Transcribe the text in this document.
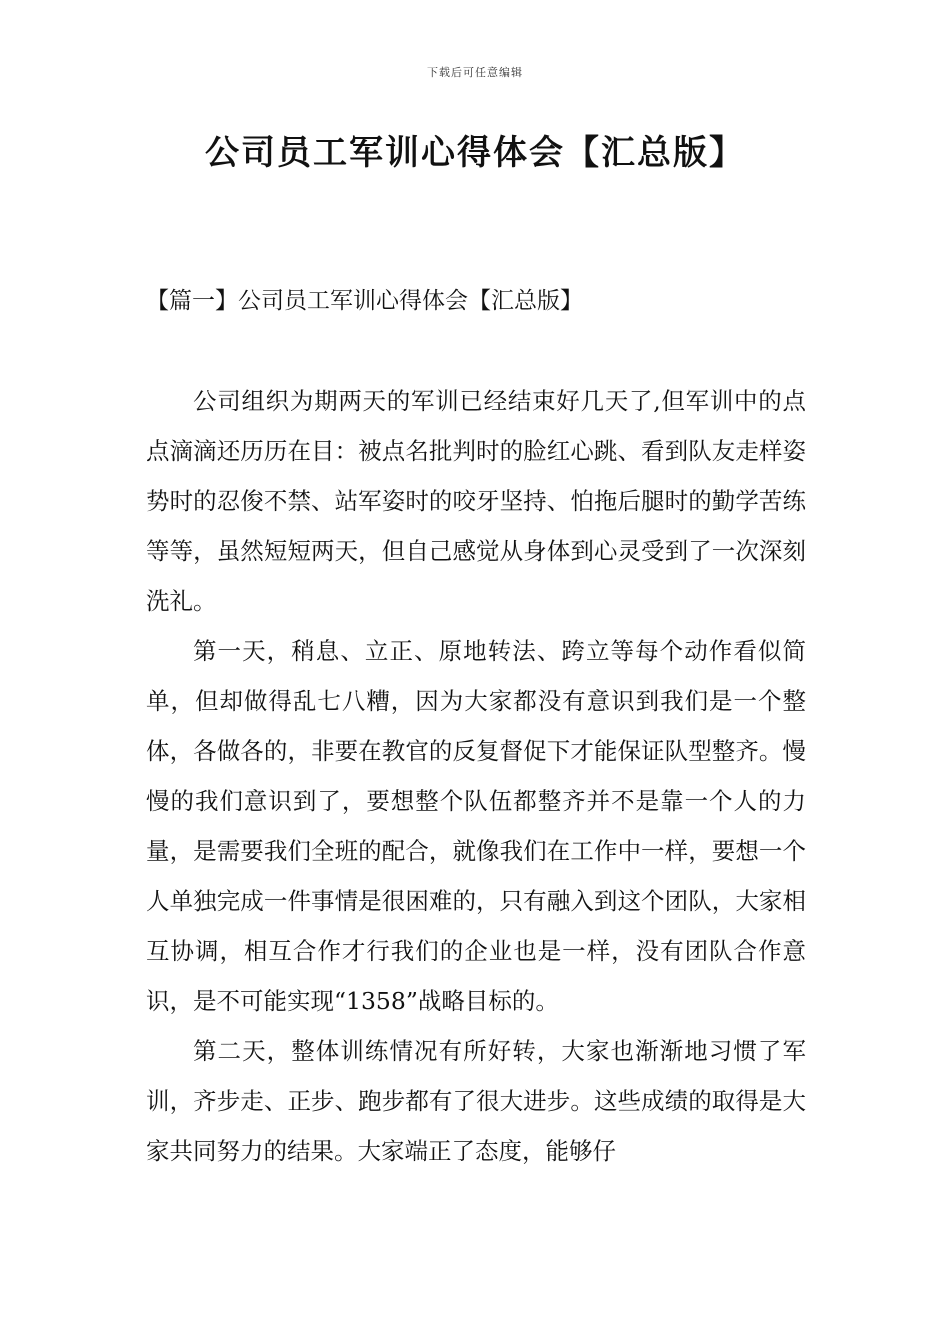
下载后可任意编辑
公司员工军训心得体会【汇总版】
【篇一】公司员工军训心得体会【汇总版】

公司组织为期两天的军训已经结束好几天了,但军训中的点点滴滴还历历在目：被点名批判时的脸红心跳、看到队友走样姿势时的忍俊不禁、站军姿时的咬牙坚持、怕拖后腿时的勤学苦练等等，虽然短短两天，但自己感觉从身体到心灵受到了一次深刻洗礼。

第一天，稍息、立正、原地转法、跨立等每个动作看似简单，但却做得乱七八糟，因为大家都没有意识到我们是一个整体，各做各的，非要在教官的反复督促下才能保证队型整齐。慢慢的我们意识到了，要想整个队伍都整齐并不是靠一个人的力量，是需要我们全班的配合，就像我们在工作中一样，要想一个人单独完成一件事情是很困难的，只有融入到这个团队，大家相互协调，相互合作才行我们的企业也是一样，没有团队合作意识，是不可能实现“1358”战略目标的。

第二天，整体训练情况有所好转，大家也渐渐地习惯了军训，齐步走、正步、跑步都有了很大进步。这些成绩的取得是大家共同努力的结果。大家端正了态度，能够仔
